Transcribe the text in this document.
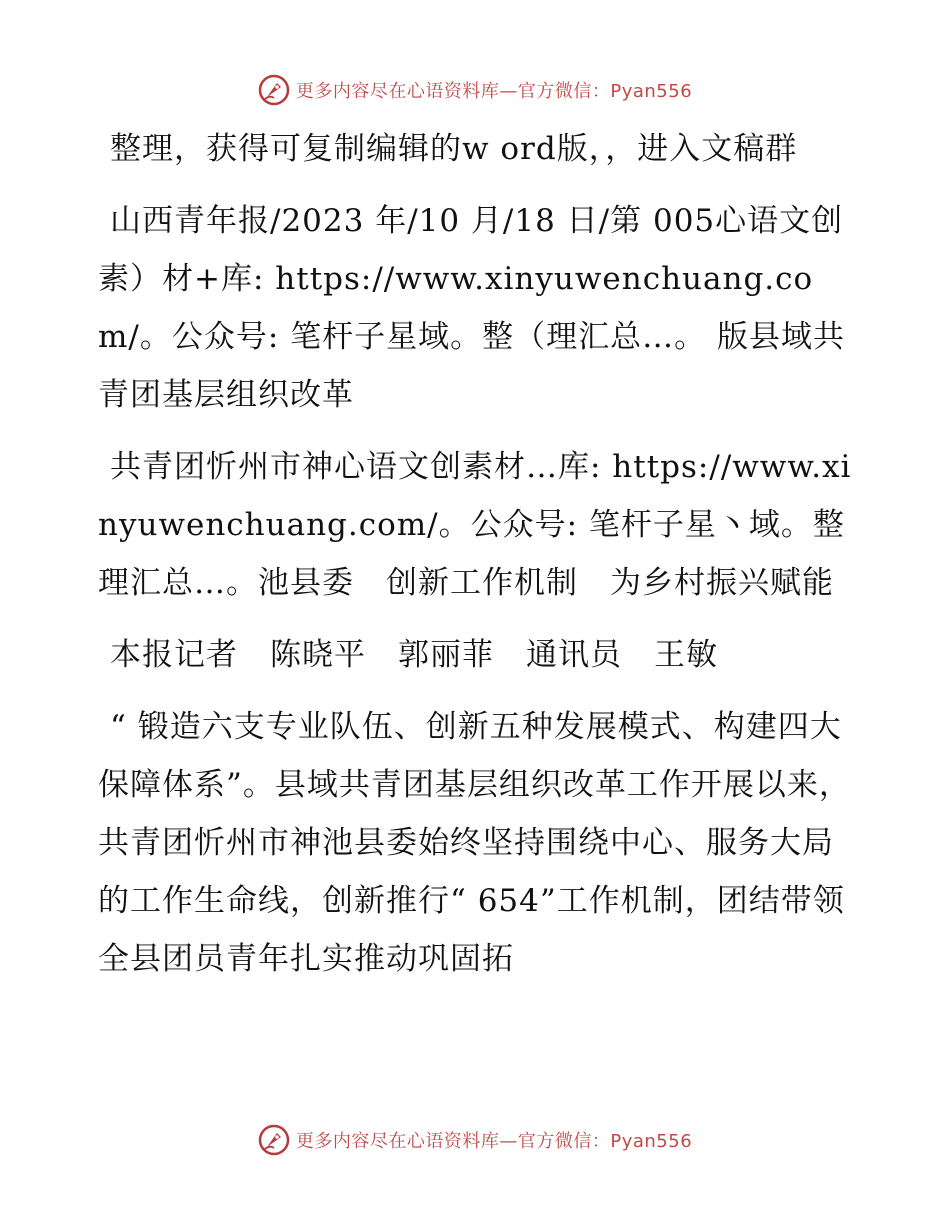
更多内容尽在心语资料库—官方微信：Pyan556

整理，获得可复制编辑的w ord版，，进入文稿群

山西青年报/2023 年/10 月/18 日/第 005心语文创素）材+库: https://www.xinyuwenchuang.com/。公众号: 笔杆子星域。整（理汇总…。 版县域共青团基层组织改革

共青团忻州市神心语文创素材…库: https://www.xinyuwenchuang.com/。公众号: 笔杆子星丶域。整理汇总…。池县委　创新工作机制　为乡村振兴赋能

本报记者　陈晓平　郭丽菲　通讯员　王敏

“ 锻造六支专业队伍、创新五种发展模式、构建四大保障体系”。县域共青团基层组织改革工作开展以来，共青团忻州市神池县委始终坚持围绕中心、服务大局的工作生命线，创新推行“ 654”工作机制，团结带领全县团员青年扎实推动巩固拓

更多内容尽在心语资料库—官方微信：Pyan556
